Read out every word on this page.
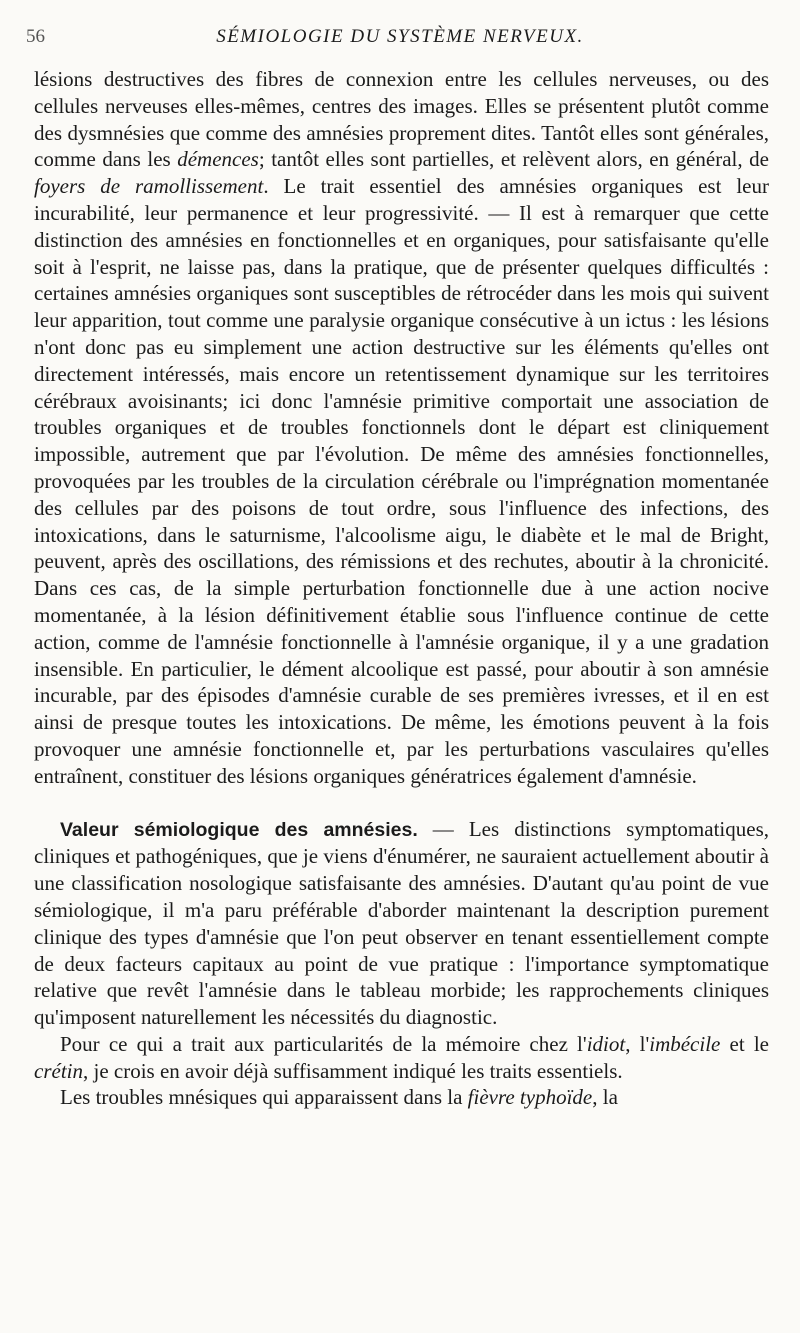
56	SÉMIOLOGIE DU SYSTÈME NERVEUX.

lésions destructives des fibres de connexion entre les cellules nerveuses, ou des cellules nerveuses elles-mêmes, centres des images. Elles se présentent plutôt comme des dysmnésies que comme des amnésies proprement dites. Tantôt elles sont générales, comme dans les démences; tantôt elles sont partielles, et relèvent alors, en général, de foyers de ramollissement. Le trait essentiel des amnésies organiques est leur incurabilité, leur permanence et leur progressivité. — Il est à remarquer que cette distinction des amnésies en fonctionnelles et en organiques, pour satisfaisante qu'elle soit à l'esprit, ne laisse pas, dans la pratique, que de présenter quelques difficultés : certaines amnésies organiques sont susceptibles de rétrocéder dans les mois qui suivent leur apparition, tout comme une paralysie organique consécutive à un ictus : les lésions n'ont donc pas eu simplement une action destructive sur les éléments qu'elles ont directement intéressés, mais encore un retentissement dynamique sur les territoires cérébraux avoisinants; ici donc l'amnésie primitive comportait une association de troubles organiques et de troubles fonctionnels dont le départ est cliniquement impossible, autrement que par l'évolution. De même des amnésies fonctionnelles, provoquées par les troubles de la circulation cérébrale ou l'imprégnation momentanée des cellules par des poisons de tout ordre, sous l'influence des infections, des intoxications, dans le saturnisme, l'alcoolisme aigu, le diabète et le mal de Bright, peuvent, après des oscillations, des rémissions et des rechutes, aboutir à la chronicité. Dans ces cas, de la simple perturbation fonctionnelle due à une action nocive momentanée, à la lésion définitivement établie sous l'influence continue de cette action, comme de l'amnésie fonctionnelle à l'amnésie organique, il y a une gradation insensible. En particulier, le dément alcoolique est passé, pour aboutir à son amnésie incurable, par des épisodes d'amnésie curable de ses premières ivresses, et il en est ainsi de presque toutes les intoxications. De même, les émotions peuvent à la fois provoquer une amnésie fonctionnelle et, par les perturbations vasculaires qu'elles entraînent, constituer des lésions organiques génératrices également d'amnésie.

Valeur sémiologique des amnésies. — Les distinctions symptomatiques, cliniques et pathogéniques, que je viens d'énumérer, ne sauraient actuellement aboutir à une classification nosologique satisfaisante des amnésies. D'autant qu'au point de vue sémiologique, il m'a paru préférable d'aborder maintenant la description purement clinique des types d'amnésie que l'on peut observer en tenant essentiellement compte de deux facteurs capitaux au point de vue pratique : l'importance symptomatique relative que revêt l'amnésie dans le tableau morbide; les rapprochements cliniques qu'imposent naturellement les nécessités du diagnostic.

Pour ce qui a trait aux particularités de la mémoire chez l'idiot, l'imbécile et le crétin, je crois en avoir déjà suffisamment indiqué les traits essentiels.

Les troubles mnésiques qui apparaissent dans la fièvre typhoïde, la
